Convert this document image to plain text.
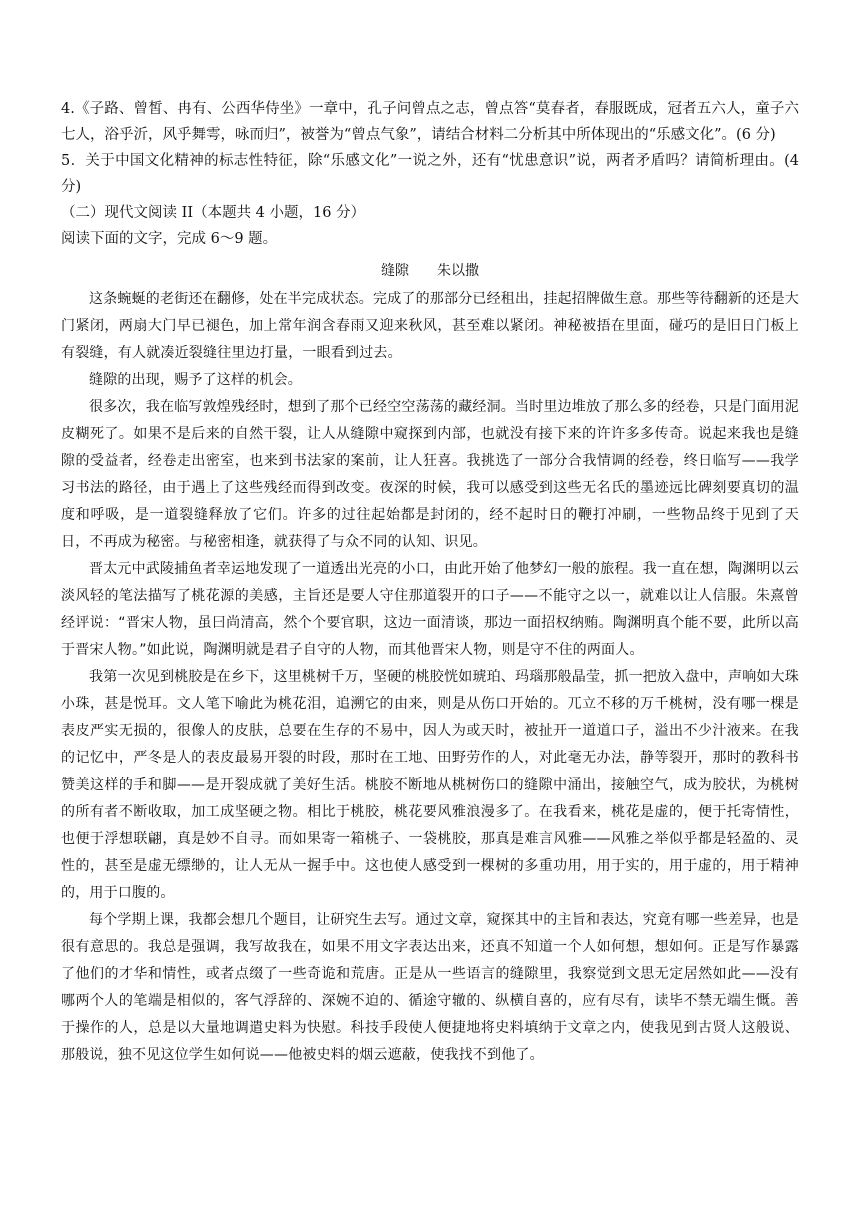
4.《子路、曾皙、冉有、公西华侍坐》一章中，孔子问曾点之志，曾点答“莫春者，春服既成，冠者五六人，童子六七人，浴乎沂，风乎舞雩，咏而归”，被誉为“曾点气象”，请结合材料二分析其中所体现出的“乐感文化”。(6 分)

5．关于中国文化精神的标志性特征，除“乐感文化”一说之外，还有“忧患意识”说，两者矛盾吗？请简析理由。(4 分)

（二）现代文阅读 II（本题共 4 小题，16 分）

阅读下面的文字，完成 6～9 题。

缝隙 朱以撒

这条蜿蜒的老街还在翻修，处在半完成状态。完成了的那部分已经租出，挂起招牌做生意。那些等待翻新的还是大门紧闭，两扇大门早已褪色，加上常年润含春雨又迎来秋风，甚至难以紧闭。神秘被捂在里面，碰巧的是旧日门板上有裂缝，有人就凑近裂缝往里边打量，一眼看到过去。

缝隙的出现，赐予了这样的机会。

很多次，我在临写敦煌残经时，想到了那个已经空空荡荡的藏经洞。当时里边堆放了那么多的经卷，只是门面用泥皮糊死了。如果不是后来的自然干裂，让人从缝隙中窥探到内部，也就没有接下来的许许多多传奇。说起来我也是缝隙的受益者，经卷走出密室，也来到书法家的案前，让人狂喜。我挑选了一部分合我情调的经卷，终日临写——我学习书法的路径，由于遇上了这些残经而得到改变。夜深的时候，我可以感受到这些无名氏的墨迹远比碑刻要真切的温度和呼吸，是一道裂缝释放了它们。许多的过往起始都是封闭的，经不起时日的鞭打冲刷，一些物品终于见到了天日，不再成为秘密。与秘密相逢，就获得了与众不同的认知、识见。

晋太元中武陵捕鱼者幸运地发现了一道透出光亮的小口，由此开始了他梦幻一般的旅程。我一直在想，陶渊明以云淡风轻的笔法描写了桃花源的美感，主旨还是要人守住那道裂开的口子——不能守之以一，就难以让人信服。朱熹曾经评说：“晋宋人物，虽曰尚清高，然个个要官职，这边一面清谈，那边一面招权纳贿。陶渊明真个能不要，此所以高于晋宋人物。”如此说，陶渊明就是君子自守的人物，而其他晋宋人物，则是守不住的两面人。

我第一次见到桃胶是在乡下，这里桃树千万，坚硬的桃胶恍如琥珀、玛瑙那般晶莹，抓一把放入盘中，声响如大珠小珠，甚是悦耳。文人笔下喻此为桃花泪，追溯它的由来，则是从伤口开始的。兀立不移的万千桃树，没有哪一棵是表皮严实无损的，很像人的皮肤，总要在生存的不易中，因人为或天时，被扯开一道道口子，溢出不少汁液来。在我的记忆中，严冬是人的表皮最易开裂的时段，那时在工地、田野劳作的人，对此毫无办法，静等裂开，那时的教科书赞美这样的手和脚——是开裂成就了美好生活。桃胶不断地从桃树伤口的缝隙中涌出，接触空气，成为胶状，为桃树的所有者不断收取，加工成坚硬之物。相比于桃胶，桃花要风雅浪漫多了。在我看来，桃花是虚的，便于托寄情性，也便于浮想联翩，真是妙不自寻。而如果寄一箱桃子、一袋桃胶，那真是难言风雅——风雅之举似乎都是轻盈的、灵性的，甚至是虚无缥缈的，让人无从一握手中。这也使人感受到一棵树的多重功用，用于实的，用于虚的，用于精神的，用于口腹的。

每个学期上课，我都会想几个题目，让研究生去写。通过文章，窥探其中的主旨和表达，究竟有哪一些差异，也是很有意思的。我总是强调，我写故我在，如果不用文字表达出来，还真不知道一个人如何想，想如何。正是写作暴露了他们的才华和情性，或者点缀了一些奇诡和荒唐。正是从一些语言的缝隙里，我察觉到文思无定居然如此——没有哪两个人的笔端是相似的，客气浮辞的、深婉不迫的、循途守辙的、纵横自喜的，应有尽有，读毕不禁无端生慨。善于操作的人，总是以大量地调遣史料为快慰。科技手段使人便捷地将史料填纳于文章之内，使我见到古贤人这般说、那般说，独不见这位学生如何说——他被史料的烟云遮蔽，使我找不到他了。
